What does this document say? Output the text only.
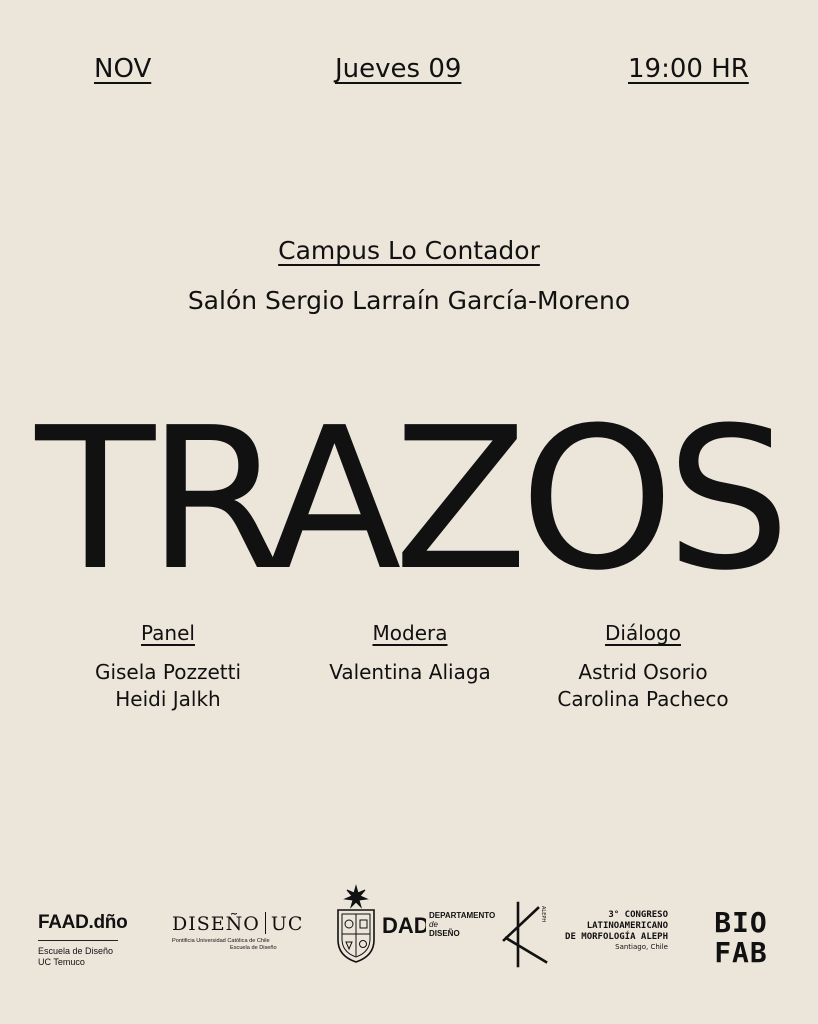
NOV	Jueves 09	19:00 HR
Campus Lo Contador
Salón Sergio Larraín García-Moreno
TRAZOS
Panel
Gisela Pozzetti
Heidi Jalkh
Modera
Valentina Aliaga
Diálogo
Astrid Osorio
Carolina Pacheco
FAAD.dño
Escuela de Diseño
UC Temuco
DISEÑO UC
Pontificia Universidad Católica de Chile
Escuela de Diseño
DAD DEPARTAMENTO
de
DISEÑO
ALEPH	3° CONGRESO
LATINOAMERICANO
DE MORFOLOGÍA ALEPH
Santiago, Chile
BIO
FAB
